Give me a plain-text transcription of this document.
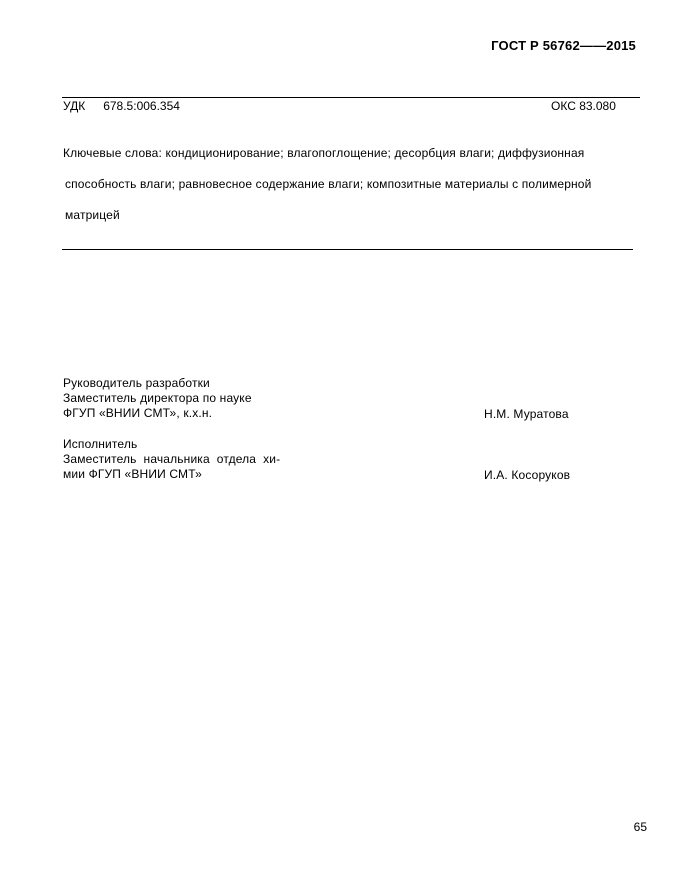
ГОСТ Р 56762——2015
УДК 678.5:006.354	ОКС 83.080
Ключевые слова: кондиционирование; влагопоглощение; десорбция влаги; диффузионная
способность влаги; равновесное содержание влаги; композитные материалы с полимерной
матрицей
Руководитель разработки
Заместитель директора по науке
ФГУП «ВНИИ СМТ», к.х.н.	Н.М. Муратова
Исполнитель
Заместитель  начальника  отдела  хи-
мии ФГУП «ВНИИ СМТ»	И.А. Косоруков
65
